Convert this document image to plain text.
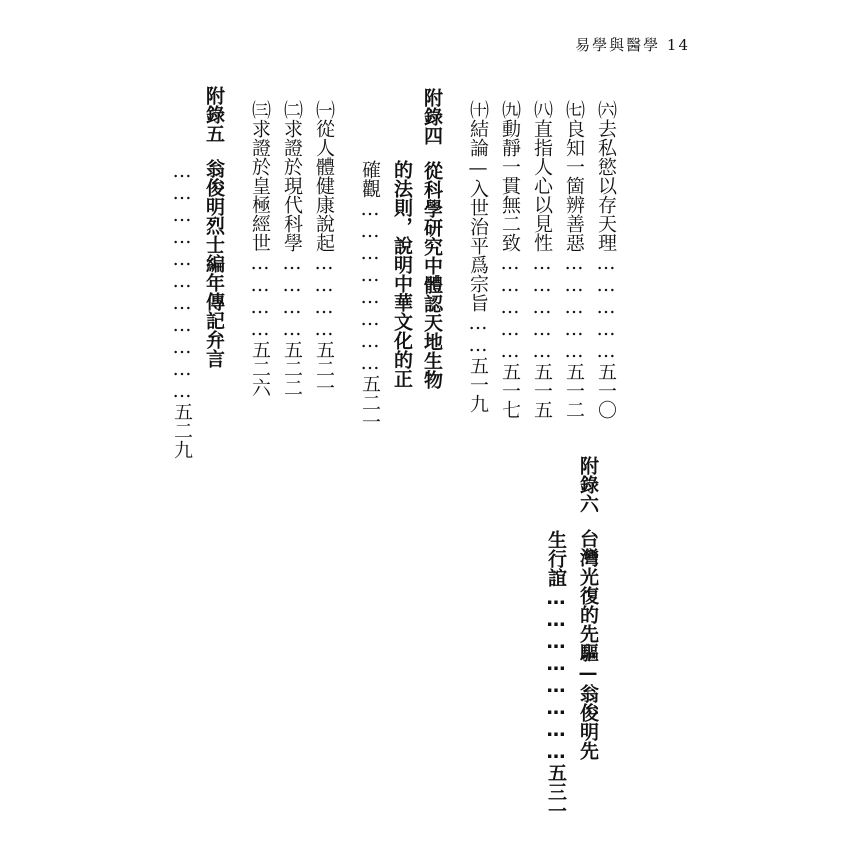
易學與醫學 14

㈥去私慾以存天理……………五一〇

㈦良知一箇辨善惡……………五一二

㈧直指人心以見性……………五一五

㈨動靜一貫無二致……………五一七

㈩結論—入世治平爲宗旨……五一九

附錄四從科學研究中體認天地生物

的法則，說明中華文化的正

確觀……………………五二一

㈠從人體健康說起…………五二一

㈡求證於現代科學…………五二二

㈢求證於皇極經世…………五二六

附錄五翁俊明烈士編年傳記弁言

……………………………五二九

附錄六台灣光復的先驅—翁俊明先

生行誼……………………五三一
